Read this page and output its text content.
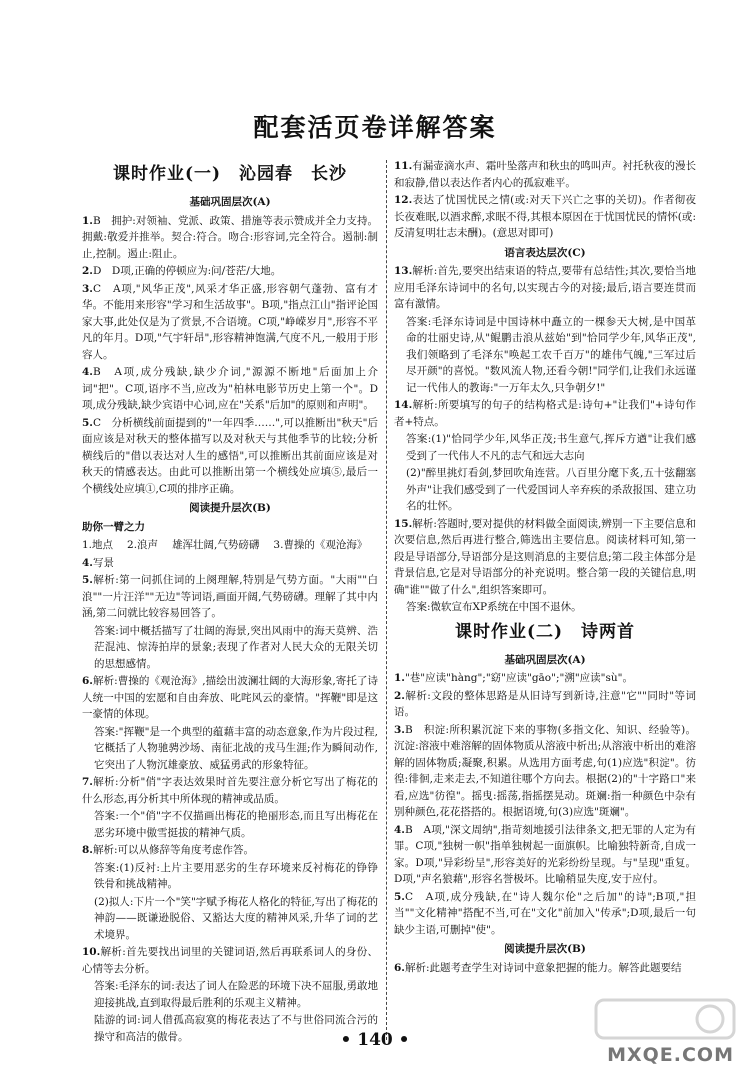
配套活页卷详解答案
课时作业(一)　沁园春　长沙
基础巩固层次(A)
1.B　拥护:对领袖、党派、政策、措施等表示赞成并全力支持。拥戴:敬爱并推举。契合:符合。吻合:形容词,完全符合。遏制:制止,控制。遏止:阻止。
2.D　D项,正确的停顿应为:问/苍茫/大地。
3.C　A项,"风华正茂",风采才华正盛,形容朝气蓬勃、富有才华。不能用来形容"学习和生活故事"。B项,"指点江山"指评论国家大事,此处仅是为了赏景,不合语境。C项,"峥嵘岁月",形容不平凡的年月。D项,"气宇轩昂",形容精神饱满,气度不凡,一般用于形容人。
4.B　A项,成分残缺,缺少介词,"源源不断地"后面加上介词"把"。C项,语序不当,应改为"柏林电影节历史上第一个"。D项,成分残缺,缺少宾语中心词,应在"关系"后加"的原则和声明"。
5.C　分析横线前面提到的"一年四季……",可以推断出"秋天"后面应该是对秋天的整体描写以及对秋天与其他季节的比较;分析横线后的"借以表达对人生的感悟",可以推断出其前面应该是对秋天的情感表达。由此可以推断出第一个横线处应填⑤,最后一个横线处应填①,C项的排序正确。
阅读提升层次(B)
助你一臂之力
1.地点 2.浪声 雄浑壮阔,气势磅礴 3.曹操的《观沧海》
4.写景
5.解析:第一问抓住词的上阕理解,特别是气势方面。"大雨""白浪""一片汪洋""无边"等词语,画面开阔,气势磅礴。理解了其中内涵,第二问就比较容易回答了。
答案:词中概括描写了壮阔的海景,突出风雨中的海天莫辨、浩茫混沌、惊涛拍岸的景象;表现了作者对人民大众的无限关切的思想感情。
6.解析:曹操的《观沧海》,描绘出波澜壮阔的大海形象,寄托了诗人统一中国的宏愿和自由奔放、叱咤风云的豪情。"挥鞭"即是这一豪情的体现。
答案:"挥鞭"是一个典型的蕴藉丰富的动态意象,作为片段过程,它概括了人物驰骋沙场、南征北战的戎马生涯;作为瞬间动作,它突出了人物沉雄豪放、威猛勇武的形象特征。
7.解析:分析"俏"字表达效果时首先要注意分析它写出了梅花的什么形态,再分析其中所体现的精神或品质。
答案:一个"俏"字不仅描画出梅花的艳丽形态,而且写出梅花在恶劣环境中傲雪挺拔的精神气质。
8.解析:可以从修辞等角度考虑作答。
答案:(1)反衬:上片主要用恶劣的生存环境来反衬梅花的铮铮铁骨和挑战精神。
(2)拟人:下片一个"笑"字赋予梅花人格化的特征,写出了梅花的神韵——既谦逊脱俗、又豁达大度的精神风采,升华了词的艺术境界。
10.解析:首先要找出词里的关键词语,然后再联系词人的身份、心情等去分析。
答案:毛泽东的词:表达了词人在险恶的环境下决不屈服,勇敢地迎接挑战,直到取得最后胜利的乐观主义精神。
陆游的词:词人借孤高寂寞的梅花表达了不与世俗同流合污的操守和高洁的傲骨。
11.有漏壶滴水声、霜叶坠落声和秋虫的鸣叫声。衬托秋夜的漫长和寂静,借以表达作者内心的孤寂难平。
12.表达了忧国忧民之情(或:对天下兴亡之事的关切)。作者彻夜长夜难眠,以酒求醉,求眠不得,其根本原因在于忧国忧民的情怀(或:反清复明壮志未酬)。(意思对即可)
语言表达层次(C)
13.解析:首先,要突出结束语的特点,要带有总结性;其次,要恰当地应用毛泽东诗词中的名句,以实现古今的对接;最后,语言要连贯而富有激情。
答案:毛泽东诗词是中国诗林中矗立的一棵参天大树,是中国革命的壮丽史诗,从"鲲鹏击浪从兹始"到"恰同学少年,风华正茂",我们领略到了毛泽东"唤起工农千百万"的雄伟气魄,"三军过后尽开颜"的喜悦。"数风流人物,还看今朝!"同学们,让我们永远谨记一代伟人的教诲:"一万年太久,只争朝夕!"
14.解析:所要填写的句子的结构格式是:诗句+"让我们"+诗句作者+特点。
答案:(1)"恰同学少年,风华正茂;书生意气,挥斥方遒"让我们感受到了一代伟人不凡的志气和远大志向
(2)"醉里挑灯看剑,梦回吹角连营。八百里分麾下炙,五十弦翻塞外声"让我们感受到了一代爱国词人辛弃疾的杀敌报国、建立功名的壮怀。
15.解析:答题时,要对提供的材料做全面阅读,辨别一下主要信息和次要信息,然后再进行整合,筛选出主要信息。阅读材料可知,第一段是导语部分,导语部分是这则消息的主要信息;第二段主体部分是背景信息,它是对导语部分的补充说明。整合第一段的关键信息,明确"谁""做了什么",组织答案即可。
答案:微软宣布XP系统在中国不退休。
课时作业(二)　诗两首
基础巩固层次(A)
1."巷"应读"hàng";"窈"应读"gāo";"溯"应读"sù"。
2.解析:文段的整体思路是从旧诗写到新诗,注意"它""同时"等词语。
3.B　积淀:所积累沉淀下来的事物(多指文化、知识、经验等)。沉淀:溶液中难溶解的固体物质从溶液中析出;从溶液中析出的难溶解的固体物质;凝聚,积累。从选用方面考虑,句(1)应选"积淀"。彷徨:徘徊,走来走去,不知道往哪个方向去。根据(2)的"十字路口"来看,应选"彷徨"。摇曳:摇荡,指摇摆晃动。斑斓:指一种颜色中杂有别种颜色,花花搭搭的。根据语境,句(3)应选"斑斓"。
4.B　A项,"深文周纳",指苛刻地援引法律条文,把无罪的人定为有罪。C项,"独树一帜"指单独树起一面旗帜。比喻独特新奇,自成一家。D项,"异彩纷呈",形容美好的光彩纷纷呈现。与"呈现"重复。D项,"声名狼藉",形容名誉极坏。比喻稍显失度,安于应付。
5.C　A项,成分残缺,在"诗人魏尔伦"之后加"的诗";B项,"担当""文化精神"搭配不当,可在"文化"前加入"传承";D项,最后一句缺少主语,可删掉"使"。
阅读提升层次(B)
6.解析:此题考查学生对诗词中意象把握的能力。解答此题要结
• 140 •
MXQE.COM
